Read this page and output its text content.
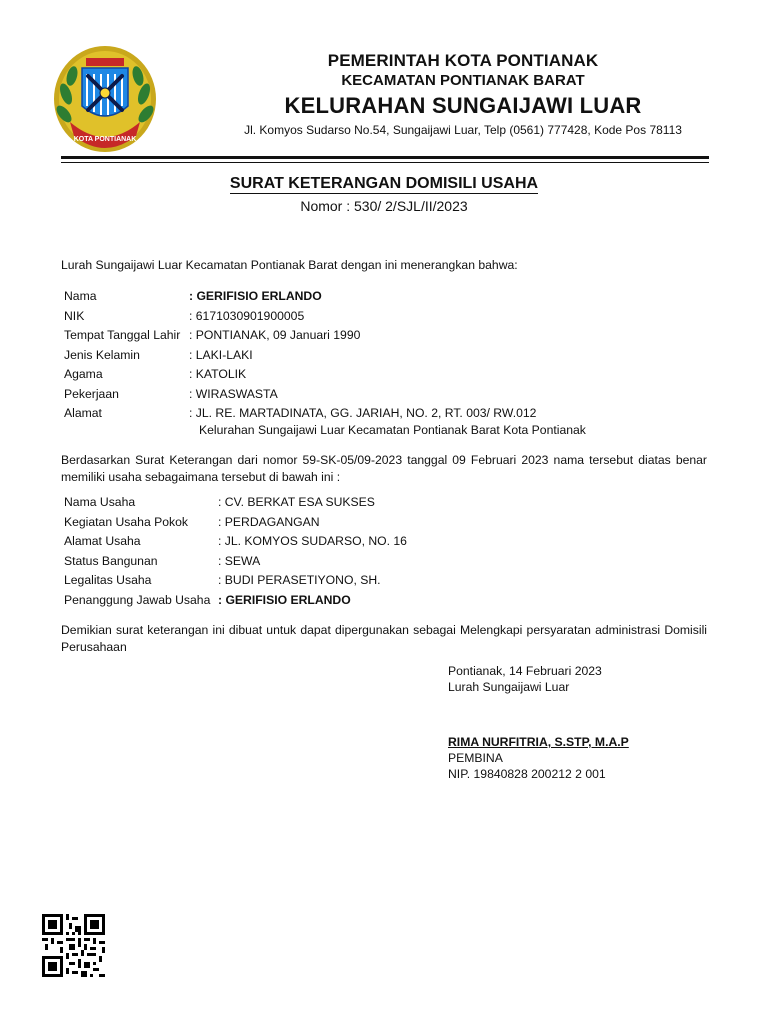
KOTA PONTIANAK
PEMERINTAH KOTA PONTIANAK
KECAMATAN PONTIANAK BARAT
KELURAHAN SUNGAIJAWI LUAR
Jl. Komyos Sudarso No.54, Sungaijawi Luar, Telp (0561) 777428, Kode Pos 78113
SURAT KETERANGAN DOMISILI USAHA
Nomor : 530/ 2/SJL/II/2023
Lurah Sungaijawi Luar Kecamatan Pontianak Barat dengan ini menerangkan bahwa:
Nama	: GERIFISIO ERLANDO
NIK	: 6171030901900005
Tempat Tanggal Lahir : PONTIANAK, 09 Januari 1990
Jenis Kelamin	: LAKI-LAKI
Agama	: KATOLIK
Pekerjaan	: WIRASWASTA
Alamat	: JL. RE. MARTADINATA, GG. JARIAH, NO. 2, RT. 003/ RW.012
Kelurahan Sungaijawi Luar Kecamatan Pontianak Barat Kota Pontianak
Berdasarkan Surat Keterangan dari nomor 59-SK-05/09-2023 tanggal 09 Februari 2023 nama tersebut diatas benar memiliki usaha sebagaimana tersebut di bawah ini :
Nama Usaha	: CV. BERKAT ESA SUKSES
Kegiatan Usaha Pokok	: PERDAGANGAN
Alamat Usaha	: JL. KOMYOS SUDARSO, NO. 16
Status Bangunan	: SEWA
Legalitas Usaha	: BUDI PERASETIYONO, SH.
Penanggung Jawab Usaha : GERIFISIO ERLANDO
Demikian surat keterangan ini dibuat untuk dapat dipergunakan sebagai Melengkapi persyaratan administrasi Domisili Perusahaan
Pontianak, 14 Februari 2023
Lurah Sungaijawi Luar
RIMA NURFITRIA, S.STP, M.A.P
PEMBINA
NIP. 19840828 200212 2 001
